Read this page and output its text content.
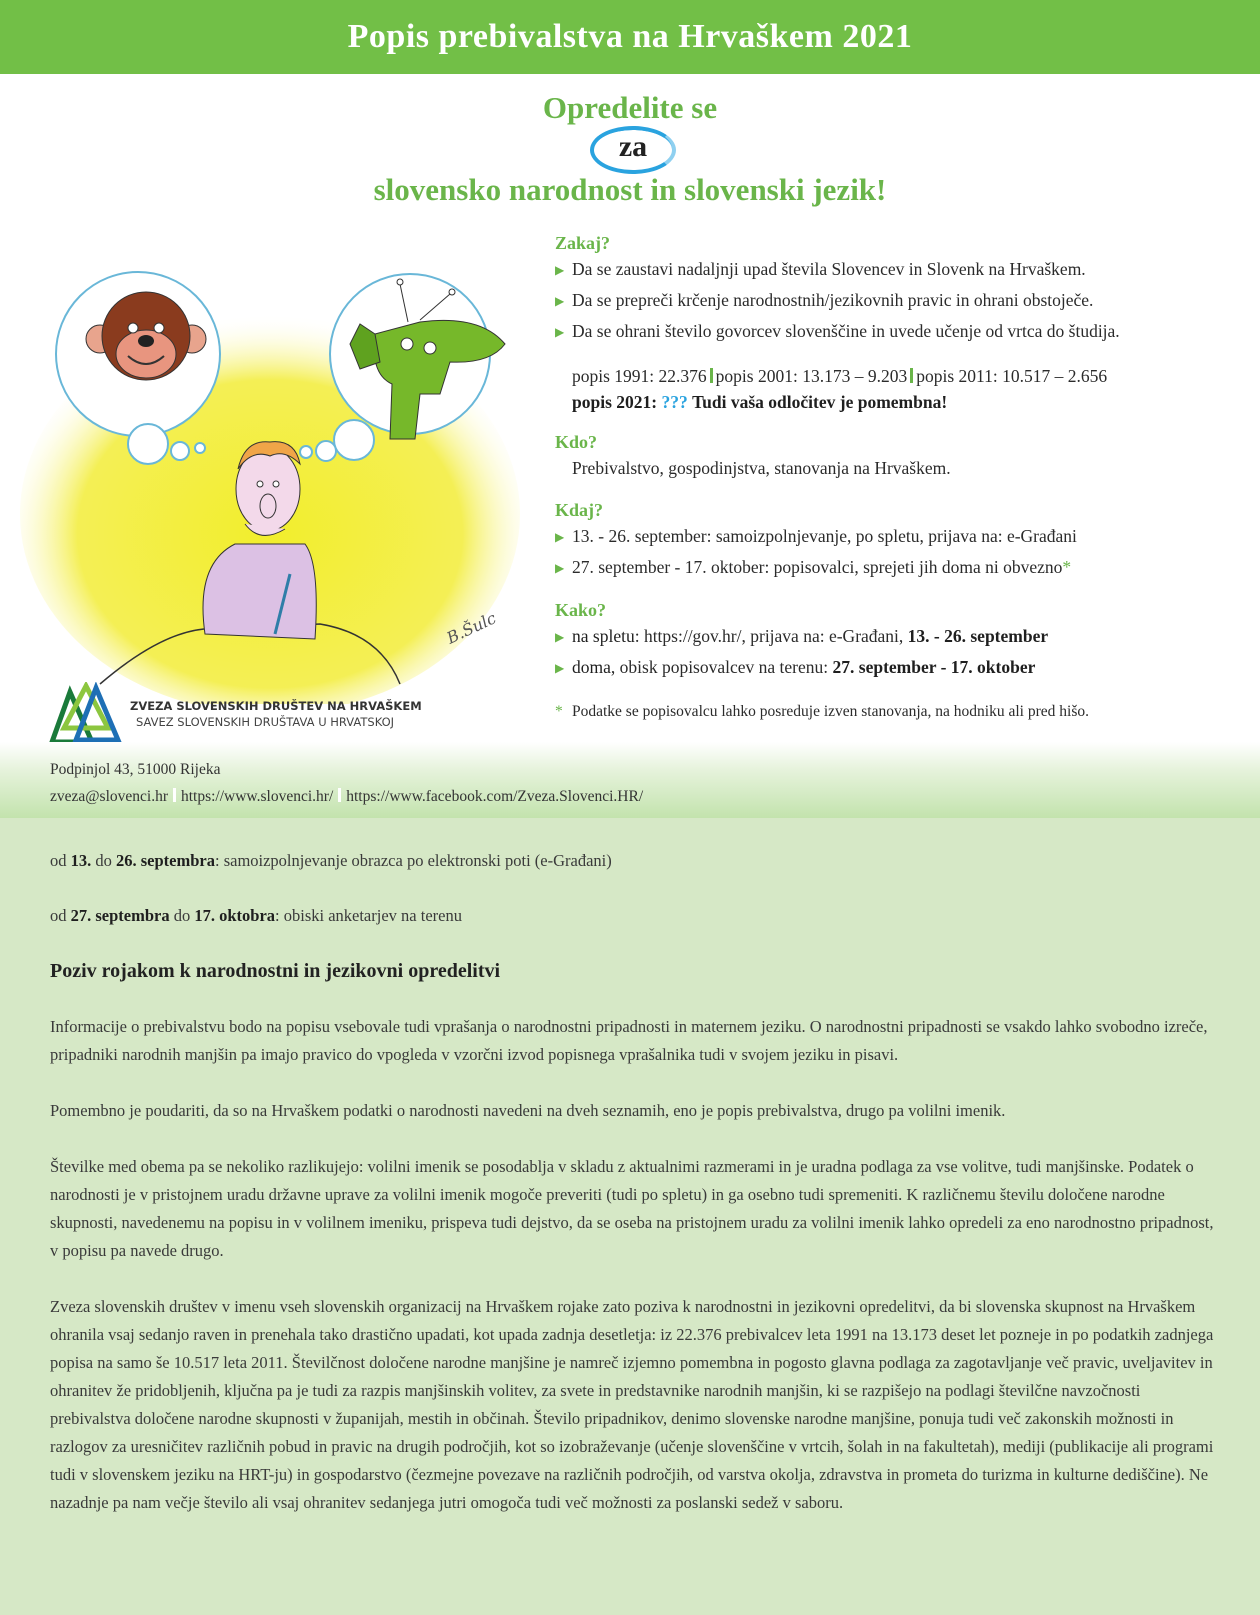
Popis prebivalstva na Hrvaškem 2021
Opredelite se
za
slovensko narodnost in slovenski jezik!
B.Šulc
Zakaj?
▶ Da se zaustavi nadaljnji upad števila Slovencev in Slovenk na Hrvaškem.
▶ Da se prepreči krčenje narodnostnih/jezikovnih pravic in ohrani obstoječe.
▶ Da se ohrani število govorcev slovenščine in uvede učenje od vrtca do študija.
popis 1991: 22.376 popis 2001: 13.173 – 9.203 popis 2011: 10.517 – 2.656
popis 2021: ??? Tudi vaša odločitev je pomembna!
Kdo?
Prebivalstvo, gospodinjstva, stanovanja na Hrvaškem.
Kdaj?
▶ 13. - 26. september: samoizpolnjevanje, po spletu, prijava na: e-Građani
▶ 27. september - 17. oktober: popisovalci, sprejeti jih doma ni obvezno*
Kako?
▶ na spletu: https://gov.hr/, prijava na: e-Građani, 13. - 26. september
▶ doma, obisk popisovalcev na terenu: 27. september - 17. oktober
* Podatke se popisovalcu lahko posreduje izven stanovanja, na hodniku ali pred hišo.
ZVEZA SLOVENSKIH DRUŠTEV NA HRVAŠKEM
SAVEZ SLOVENSKIH DRUŠTAVA U HRVATSKOJ
Podpinjol 43, 51000 Rijeka
zveza@slovenci.hr https://www.slovenci.hr/ https://www.facebook.com/Zveza.Slovenci.HR/
od 13. do 26. septembra: samoizpolnjevanje obrazca po elektronski poti (e-Građani)
od 27. septembra do 17. oktobra: obiski anketarjev na terenu
Poziv rojakom k narodnostni in jezikovni opredelitvi

Informacije o prebivalstvu bodo na popisu vsebovale tudi vprašanja o narodnostni pripadnosti in maternem jeziku. O narodnostni pripadnosti se vsakdo lahko svobodno izreče, pripadniki narodnih manjšin pa imajo pravico do vpogleda v vzorčni izvod popisnega vprašalnika tudi v svojem jeziku in pisavi.

Pomembno je poudariti, da so na Hrvaškem podatki o narodnosti navedeni na dveh seznamih, eno je popis prebivalstva, drugo pa volilni imenik.

Številke med obema pa se nekoliko razlikujejo: volilni imenik se posodablja v skladu z aktualnimi razmerami in je uradna podlaga za vse volitve, tudi manjšinske. Podatek o narodnosti je v pristojnem uradu državne uprave za volilni imenik mogoče preveriti (tudi po spletu) in ga osebno tudi spremeniti. K različnemu številu določene narodne skupnosti, navedenemu na popisu in v volilnem imeniku, prispeva tudi dejstvo, da se oseba na pristojnem uradu za volilni imenik lahko opredeli za eno narodnostno pripadnost, v popisu pa navede drugo.

Zveza slovenskih društev v imenu vseh slovenskih organizacij na Hrvaškem rojake zato poziva k narodnostni in jezikovni opredelitvi, da bi slovenska skupnost na Hrvaškem ohranila vsaj sedanjo raven in prenehala tako drastično upadati, kot upada zadnja desetletja: iz 22.376 prebivalcev leta 1991 na 13.173 deset let pozneje in po podatkih zadnjega popisa na samo še 10.517 leta 2011. Številčnost določene narodne manjšine je namreč izjemno pomembna in pogosto glavna podlaga za zagotavljanje več pravic, uveljavitev in ohranitev že pridobljenih, ključna pa je tudi za razpis manjšinskih volitev, za svete in predstavnike narodnih manjšin, ki se razpišejo na podlagi številčne navzočnosti prebivalstva določene narodne skupnosti v županijah, mestih in občinah. Število pripadnikov, denimo slovenske narodne manjšine, ponuja tudi več zakonskih možnosti in razlogov za uresničitev različnih pobud in pravic na drugih področjih, kot so izobraževanje (učenje slovenščine v vrtcih, šolah in na fakultetah), mediji (publikacije ali programi tudi v slovenskem jeziku na HRT-ju) in gospodarstvo (čezmejne povezave na različnih področjih, od varstva okolja, zdravstva in prometa do turizma in kulturne dediščine). Ne nazadnje pa nam večje število ali vsaj ohranitev sedanjega jutri omogoča tudi več možnosti za poslanski sedež v saboru.
